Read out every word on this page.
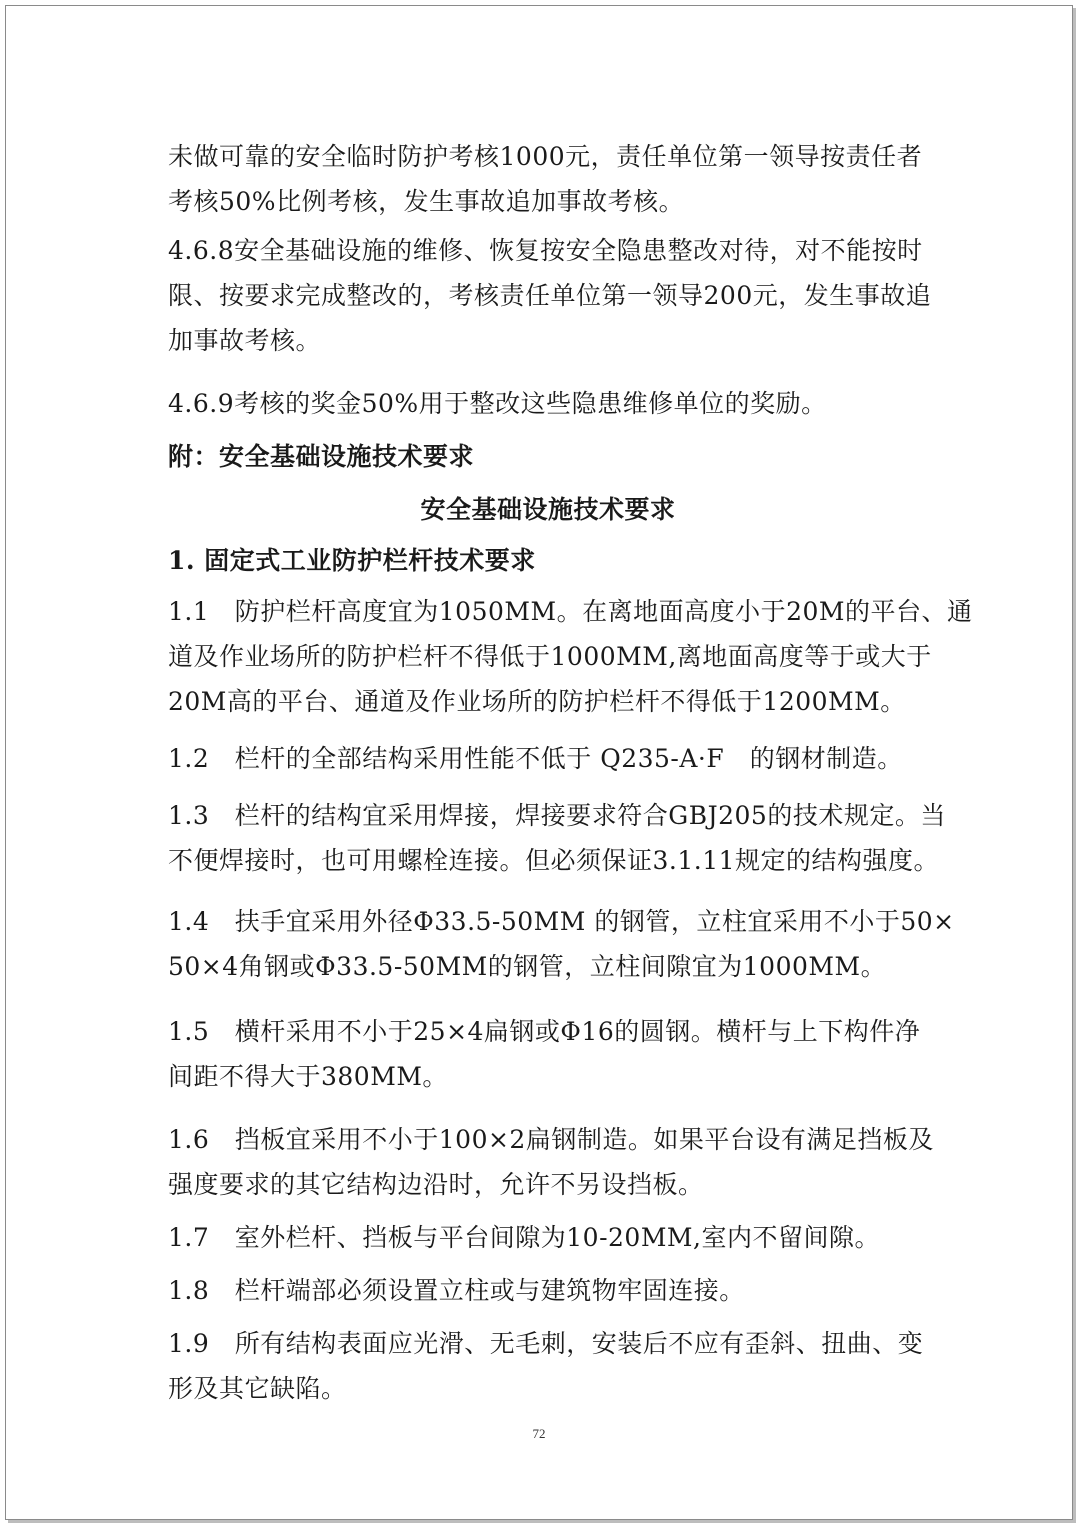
未做可靠的安全临时防护考核1000元，责任单位第一领导按责任者
考核50%比例考核，发生事故追加事故考核。

4.6.8安全基础设施的维修、恢复按安全隐患整改对待，对不能按时
限、按要求完成整改的，考核责任单位第一领导200元，发生事故追
加事故考核。

4.6.9考核的奖金50%用于整改这些隐患维修单位的奖励。

附：安全基础设施技术要求

安全基础设施技术要求

1. 固定式工业防护栏杆技术要求

1.1　防护栏杆高度宜为1050MM。在离地面高度小于20M的平台、通
道及作业场所的防护栏杆不得低于1000MM,离地面高度等于或大于
20M高的平台、通道及作业场所的防护栏杆不得低于1200MM。

1.2　栏杆的全部结构采用性能不低于 Q235-A·F　的钢材制造。

1.3　栏杆的结构宜采用焊接，焊接要求符合GBJ205的技术规定。当
不便焊接时，也可用螺栓连接。但必须保证3.1.11规定的结构强度。

1.4　扶手宜采用外径Φ33.5-50MM 的钢管，立柱宜采用不小于50×
50×4角钢或Φ33.5-50MM的钢管，立柱间隙宜为1000MM。

1.5　横杆采用不小于25×4扁钢或Φ16的圆钢。横杆与上下构件净
间距不得大于380MM。

1.6　挡板宜采用不小于100×2扁钢制造。如果平台设有满足挡板及
强度要求的其它结构边沿时，允许不另设挡板。

1.7　室外栏杆、挡板与平台间隙为10-20MM,室内不留间隙。

1.8　栏杆端部必须设置立柱或与建筑物牢固连接。

1.9　所有结构表面应光滑、无毛刺，安装后不应有歪斜、扭曲、变
形及其它缺陷。

72
